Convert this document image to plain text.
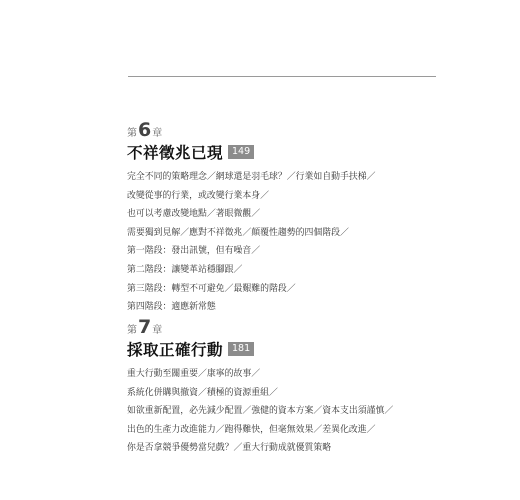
第 6 章
不祥徵兆已現 149
完全不同的策略理念／網球還是羽毛球？／行業如自動手扶梯／
改變從事的行業，或改變行業本身／
也可以考慮改變地點／著眼微觀／
需要獨到見解／應對不祥徵兆／顛覆性趨勢的四個階段／
第一階段：發出訊號，但有噪音／
第二階段：讓變革站穩腳跟／
第三階段：轉型不可避免／最艱難的階段／
第四階段：適應新常態
第 7 章
採取正確行動 181
重大行動至關重要／康寧的故事／
系統化併購與撤資／積極的資源重組／
如欲重新配置，必先減少配置／強健的資本方案／資本支出須謹慎／
出色的生產力改進能力／跑得難快，但毫無效果／差異化改進／
你是否拿競爭優勢當兒戲？／重大行動成就優質策略
